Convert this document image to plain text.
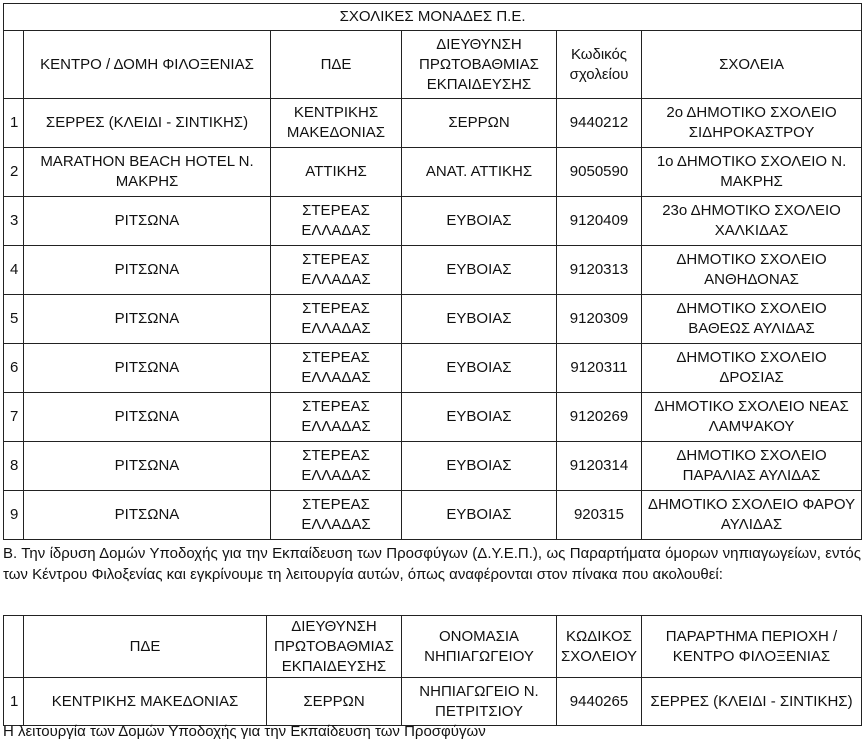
ΣΧΟΛΙΚΕΣ ΜΟΝΑΔΕΣ Π.Ε.					
	ΚΕΝΤΡΟ / ΔΟΜΗ ΦΙΛΟΞΕΝΙΑΣ	ΠΔΕ	ΔΙΕΥΘΥΝΣΗ ΠΡΩΤΟΒΑΘΜΙΑΣ ΕΚΠΑΙΔΕΥΣΗΣ	Κωδικός σχολείου	ΣΧΟΛΕΙΑ
1	ΣΕΡΡΕΣ (ΚΛΕΙΔΙ - ΣΙΝΤΙΚΗΣ)	ΚΕΝΤΡΙΚΗΣ ΜΑΚΕΔΟΝΙΑΣ	ΣΕΡΡΩΝ	9440212	2ο ΔΗΜΟΤΙΚΟ ΣΧΟΛΕΙΟ ΣΙΔΗΡΟΚΑΣΤΡΟΥ
2	MARATHON BEACH HOTEL Ν. ΜΑΚΡΗΣ	ΑΤΤΙΚΗΣ	ΑΝΑΤ. ΑΤΤΙΚΗΣ	9050590	1ο ΔΗΜΟΤΙΚΟ ΣΧΟΛΕΙΟ Ν. ΜΑΚΡΗΣ
3	ΡΙΤΣΩΝΑ	ΣΤΕΡΕΑΣ ΕΛΛΑΔΑΣ	ΕΥΒΟΙΑΣ	9120409	23ο ΔΗΜΟΤΙΚΟ ΣΧΟΛΕΙΟ ΧΑΛΚΙΔΑΣ
4	ΡΙΤΣΩΝΑ	ΣΤΕΡΕΑΣ ΕΛΛΑΔΑΣ	ΕΥΒΟΙΑΣ	9120313	ΔΗΜΟΤΙΚΟ ΣΧΟΛΕΙΟ ΑΝΘΗΔΟΝΑΣ
5	ΡΙΤΣΩΝΑ	ΣΤΕΡΕΑΣ ΕΛΛΑΔΑΣ	ΕΥΒΟΙΑΣ	9120309	ΔΗΜΟΤΙΚΟ ΣΧΟΛΕΙΟ ΒΑΘΕΩΣ ΑΥΛΙΔΑΣ
6	ΡΙΤΣΩΝΑ	ΣΤΕΡΕΑΣ ΕΛΛΑΔΑΣ	ΕΥΒΟΙΑΣ	9120311	ΔΗΜΟΤΙΚΟ ΣΧΟΛΕΙΟ ΔΡΟΣΙΑΣ
7	ΡΙΤΣΩΝΑ	ΣΤΕΡΕΑΣ ΕΛΛΑΔΑΣ	ΕΥΒΟΙΑΣ	9120269	ΔΗΜΟΤΙΚΟ ΣΧΟΛΕΙΟ ΝΕΑΣ ΛΑΜΨΑΚΟΥ
8	ΡΙΤΣΩΝΑ	ΣΤΕΡΕΑΣ ΕΛΛΑΔΑΣ	ΕΥΒΟΙΑΣ	9120314	ΔΗΜΟΤΙΚΟ ΣΧΟΛΕΙΟ ΠΑΡΑΛΙΑΣ ΑΥΛΙΔΑΣ
9	ΡΙΤΣΩΝΑ	ΣΤΕΡΕΑΣ ΕΛΛΑΔΑΣ	ΕΥΒΟΙΑΣ	920315	ΔΗΜΟΤΙΚΟ ΣΧΟΛΕΙΟ ΦΑΡΟΥ ΑΥΛΙΔΑΣ
Β. Την ίδρυση Δομών Υποδοχής για την Εκπαίδευση των Προσφύγων (Δ.Υ.Ε.Π.), ως Παραρτήματα όμορων νηπιαγωγείων, εντός των Κέντρου Φιλοξενίας και εγκρίνουμε τη λειτουργία αυτών, όπως αναφέρονται στον πίνακα που ακολουθεί:
	ΠΔΕ	ΔΙΕΥΘΥΝΣΗ ΠΡΩΤΟΒΑΘΜΙΑΣ ΕΚΠΑΙΔΕΥΣΗΣ	ΟΝΟΜΑΣΙΑ ΝΗΠΙΑΓΩΓΕΙΟΥ	ΚΩΔΙΚΟΣ ΣΧΟΛΕΙΟΥ	ΠΑΡΑΡΤΗΜΑ ΠΕΡΙΟΧΗ / ΚΕΝΤΡΟ ΦΙΛΟΞΕΝΙΑΣ
1	ΚΕΝΤΡΙΚΗΣ ΜΑΚΕΔΟΝΙΑΣ	ΣΕΡΡΩΝ	ΝΗΠΙΑΓΩΓΕΙΟ Ν. ΠΕΤΡΙΤΣΙΟΥ	9440265	ΣΕΡΡΕΣ (ΚΛΕΙΔΙ - ΣΙΝΤΙΚΗΣ)
Η λειτουργία των Δομών Υποδοχής για την Εκπαίδευση των Προσφύγων
